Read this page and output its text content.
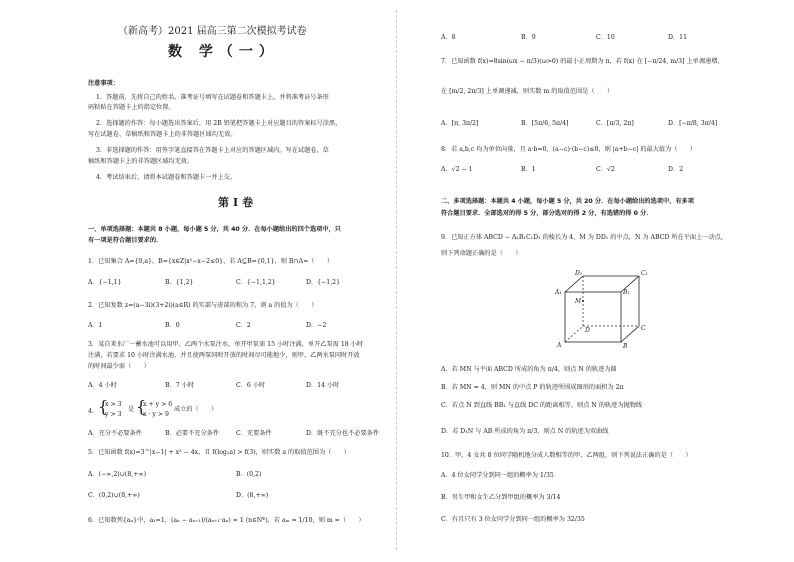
（新高考）2021 届高三第二次模拟考试卷
数 学（一）
注意事项：
1．答题前，先将自己的姓名、准考证号填写在试题卷和答题卡上，并将准考证号条形
码粘贴在答题卡上的指定位置。
2．选择题的作答：每小题选出答案后，用 2B 铅笔把答题卡上对应题目的答案标号涂黑，
写在试题卷、草稿纸和答题卡上的非答题区域均无效。
3．非选择题的作答：用签字笔直接答在答题卡上对应的答题区域内。写在试题卷、草
稿纸和答题卡上的非答题区域均无效。
4．考试结束后，请将本试题卷和答题卡一并上交。
第Ⅰ卷
一、单项选择题：本题共 8 小题，每小题 5 分，共 40 分．在每小题给出的四个选项中，只
有一项是符合题目要求的．
1．已知集合 A={0,a}，B={x∈Z|x²−x−2≤0}，若 A⊆B={0,1}，则 B∩A=（　　）
A．{−1,1}	B．{1,2}	C．{−1,1,2}	D．{−1,2}
2．已知复数 z=(a−3i)(3+2i)(a∈R) 的实部与虚部的和为 7，则 a 的值为（　　）
A．1	B．0	C．2	D．−2
3．某自来水厂一蓄水池可以用甲、乙两个水泵注水，单开甲泵需 15 小时注满，单开乙泵需 18 小时
注满，若要求 10 小时注满水池，并且使两泵同时开放的时间尽可能地少，则甲、乙两水泵同时开放
的时间最少需（　　）
A．4 小时	B．7 小时	C．6 小时	D．14 小时
4． {
x > 3
y > 3
是 {
x + y > 6
x · y > 9
成立的（　　）
A．充分不必要条件	B．必要不充分条件	C．充要条件	D．既不充分也不必要条件
5．已知函数 f(x)=3^|x−1| + x² − 4x，且 f(log₂a) > f(3)，则实数 a 的取值范围为（　　）
A．(−∞,2)∪(8,+∞)	B．(0,2)
C．(0,2)∪(8,+∞)	D．(8,+∞)
6．已知数列{aₙ}中，a₁=1，(aₙ − aₙ₊₁)/(aₙ₊₁·aₙ) = 1 (n∈N*)，若 aₘ = 1/10，则 m =（　　）
A．8	B．9	C．10	D．11
7．已知函数 f(x)=8sin(ωx − π/3)(ω>0) 的最小正周期为 π，若 f(x) 在 [−π/24, m/3] 上单调递增，
在 [m/2, 2π/3] 上单调递减，则实数 m 的取值范围是（　　）
A．[π, 3π/2]	B．[5π/6, 5π/4]	C．[π/3, 2π]	D．[−π/8, 3π/4]
8．若 a,b,c 均为单位向量，且 a·b=0，(a−c)·(b−c)≤0，则 |a+b−c| 的最大值为（　　）
A．√2 − 1	B．1	C．√2	D．2
二、多项选择题：本题共 4 小题，每小题 5 分，共 20 分．在每小题给出的选项中，有多项
符合题目要求．全部选对的得 5 分，部分选对的得 2 分，有选错的得 0 分．
9．已知正方体 ABCD − A₁B₁C₁D₁ 的棱长为 4，M 为 DD₁ 的中点，N 为 ABCD 所在平面上一动点，
则下列命题正确的是（　　）
D₁	C₁
A₁	B₁
M
D	C
A	B
A．若 MN 与平面 ABCD 所成的角为 π/4，则点 N 的轨迹为圆
B．若 MN = 4，则 MN 的中点 P 的轨迹所围成图形的面积为 2π
C．若点 N 到直线 BB₁ 与直线 DC 的距离相等，则点 N 的轨迹为抛物线
D．若 D₁N 与 AB 所成的角为 π/3，则点 N 的轨迹为双曲线
10．甲、4 女共 8 位同学随机地分成人数相等的甲、乙两组，则下列说法正确的是（　　）
A．4 位女同学分到同一组的概率为 1/35
B．男生甲和女生乙分到甲组的概率为 3/14
C．有且只有 3 位女同学分到同一组的概率为 32/35
